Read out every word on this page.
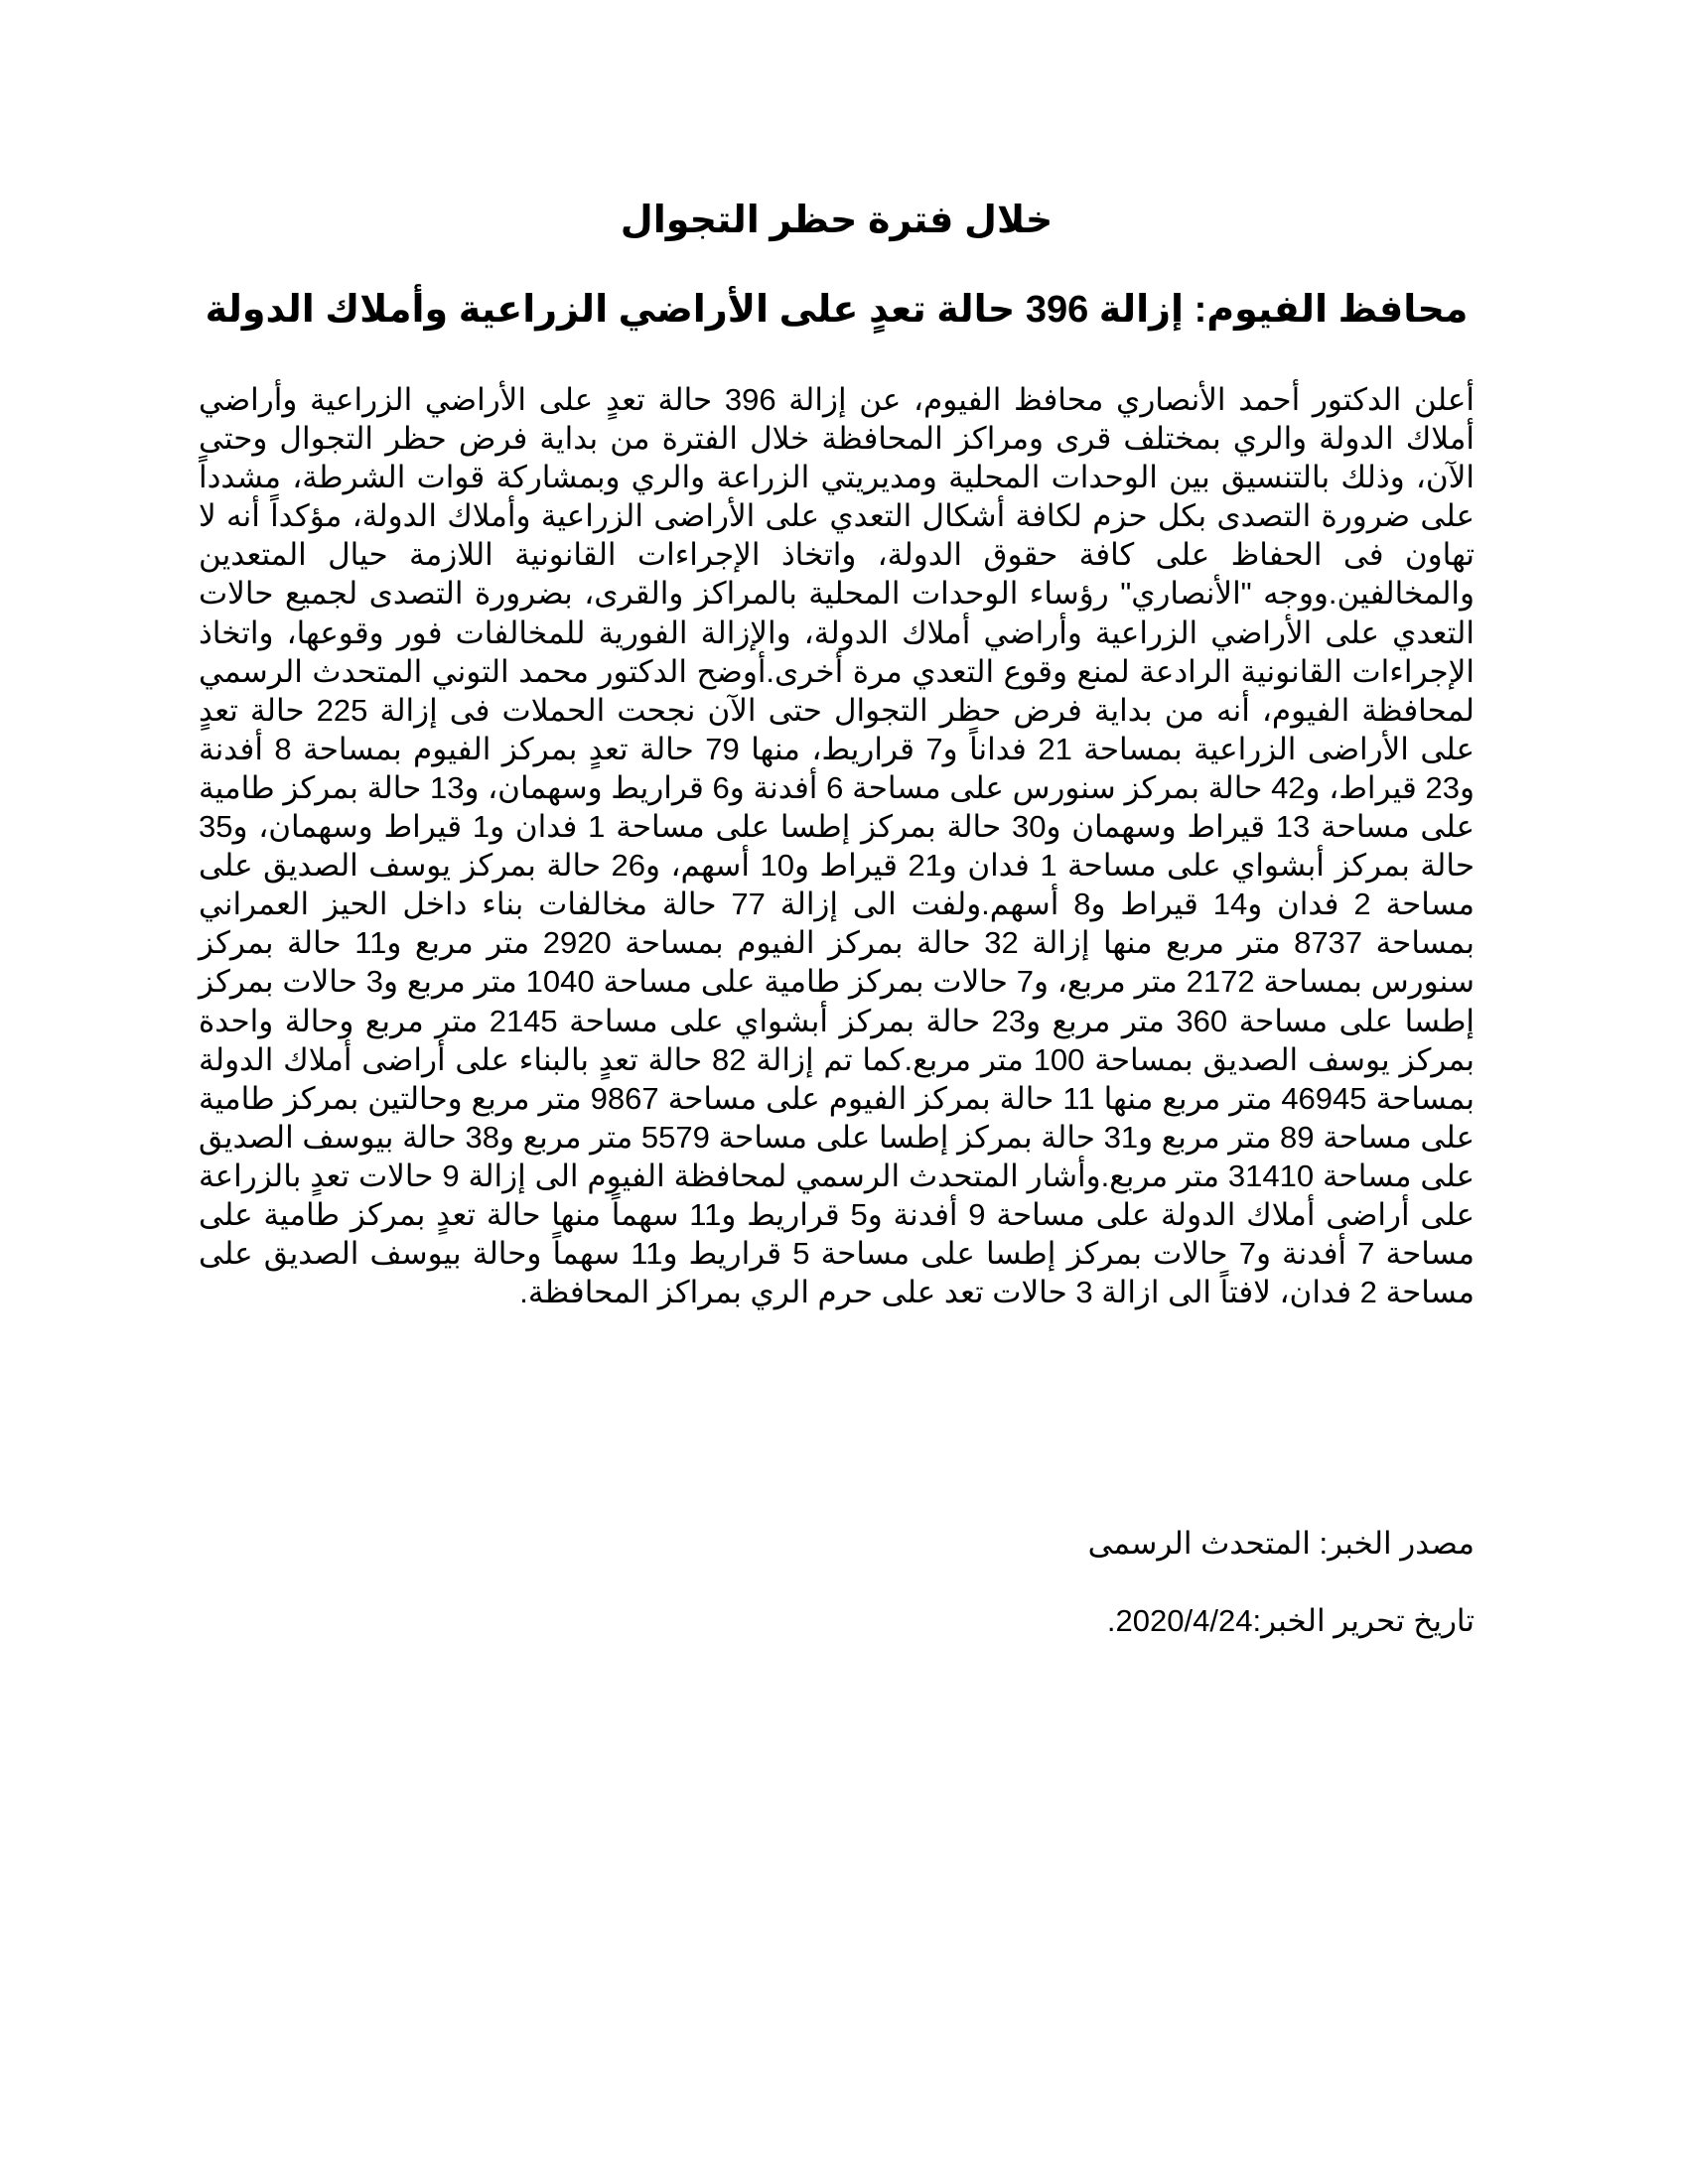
خلال فترة حظر التجوال
محافظ الفيوم: إزالة 396 حالة تعدٍ على الأراضي الزراعية وأملاك الدولة

أعلن الدكتور أحمد الأنصاري محافظ الفيوم، عن إزالة 396 حالة تعدٍ على الأراضي الزراعية وأراضي أملاك الدولة والري بمختلف قرى ومراكز المحافظة خلال الفترة من بداية فرض حظر التجوال وحتى الآن، وذلك بالتنسيق بين الوحدات المحلية ومديريتي الزراعة والري وبمشاركة قوات الشرطة، مشدداً على ضرورة التصدى بكل حزم لكافة أشكال التعدي على الأراضى الزراعية وأملاك الدولة، مؤكداً أنه لا تهاون فى الحفاظ على كافة حقوق الدولة، واتخاذ الإجراءات القانونية اللازمة حيال المتعدين والمخالفين.ووجه "الأنصاري" رؤساء الوحدات المحلية بالمراكز والقرى، بضرورة التصدى لجميع حالات التعدي على الأراضي الزراعية وأراضي أملاك الدولة، والإزالة الفورية للمخالفات فور وقوعها، واتخاذ الإجراءات القانونية الرادعة لمنع وقوع التعدي مرة أخرى.أوضح الدكتور محمد التوني المتحدث الرسمي لمحافظة الفيوم، أنه من بداية فرض حظر التجوال حتى الآن نجحت الحملات فى إزالة 225 حالة تعدٍ على الأراضى الزراعية بمساحة 21 فداناً و7 قراريط، منها 79 حالة تعدٍ بمركز الفيوم بمساحة 8 أفدنة و23 قيراط، و42 حالة بمركز سنورس على مساحة 6 أفدنة و6 قراريط وسهمان، و13 حالة بمركز طامية على مساحة 13 قيراط وسهمان و30 حالة بمركز إطسا على مساحة 1 فدان و1 قيراط وسهمان، و35 حالة بمركز أبشواي على مساحة 1 فدان و21 قيراط و10 أسهم، و26 حالة بمركز يوسف الصديق على مساحة 2 فدان و14 قيراط و8 أسهم.ولفت الى إزالة 77 حالة مخالفات بناء داخل الحيز العمراني بمساحة 8737 متر مربع منها إزالة 32 حالة بمركز الفيوم بمساحة 2920 متر مربع و11 حالة بمركز سنورس بمساحة 2172 متر مربع، و7 حالات بمركز طامية على مساحة 1040 متر مربع و3 حالات بمركز إطسا على مساحة 360 متر مربع و23 حالة بمركز أبشواي على مساحة 2145 متر مربع وحالة واحدة بمركز يوسف الصديق بمساحة 100 متر مربع.كما تم إزالة 82 حالة تعدٍ بالبناء على أراضى أملاك الدولة بمساحة 46945 متر مربع منها 11 حالة بمركز الفيوم على مساحة 9867 متر مربع وحالتين بمركز طامية على مساحة 89 متر مربع و31 حالة بمركز إطسا على مساحة 5579 متر مربع و38 حالة بيوسف الصديق على مساحة 31410 متر مربع.وأشار المتحدث الرسمي لمحافظة الفيوم الى إزالة 9 حالات تعدٍ بالزراعة على أراضى أملاك الدولة على مساحة 9 أفدنة و5 قراريط و11 سهماً منها حالة تعدٍ بمركز طامية على مساحة 7 أفدنة و7 حالات بمركز إطسا على مساحة 5 قراريط و11 سهماً وحالة بيوسف الصديق على مساحة 2 فدان، لافتاً الى ازالة 3 حالات تعد على حرم الري بمراكز المحافظة.

مصدر الخبر: المتحدث الرسمى

تاريخ تحرير الخبر:2020/4/24.
